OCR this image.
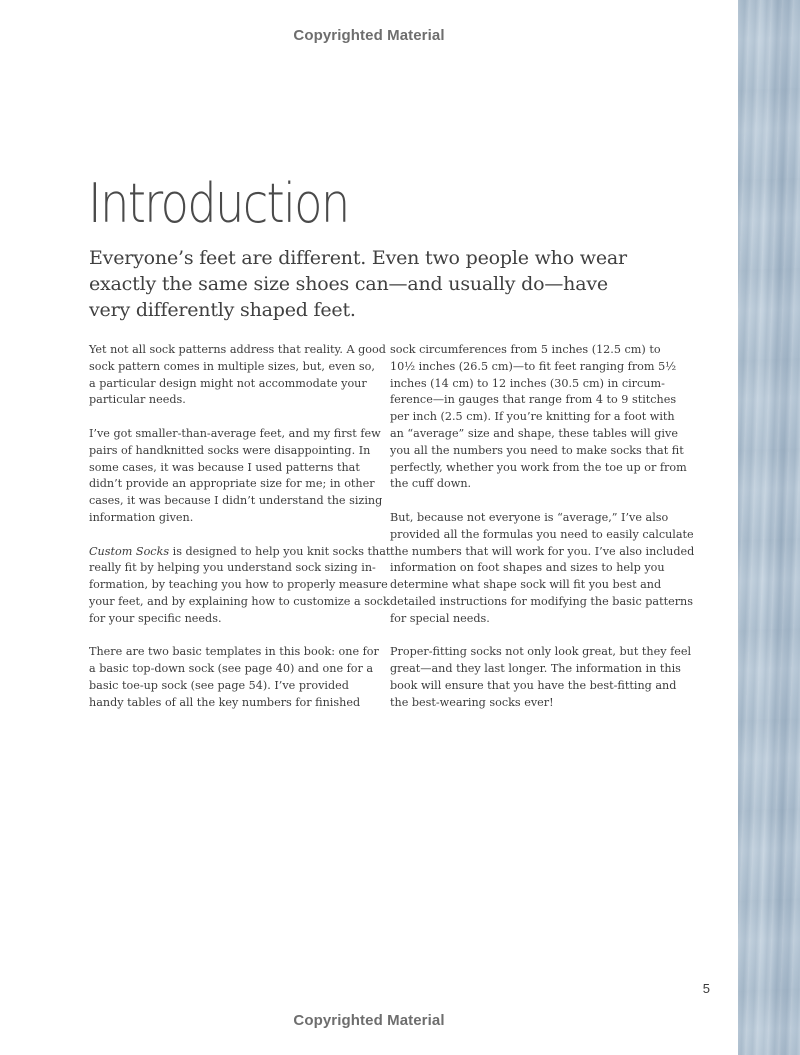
Copyrighted Material
Introduction
Everyone’s feet are different. Even two people who wear
exactly the same size shoes can—and usually do—have
very differently shaped feet.
Yet not all sock patterns address that reality. A good
sock pattern comes in multiple sizes, but, even so,
a particular design might not accommodate your
particular needs.
I’ve got smaller-than-average feet, and my first few
pairs of handknitted socks were disappointing. In
some cases, it was because I used patterns that
didn’t provide an appropriate size for me; in other
cases, it was because I didn’t understand the sizing
information given.
Custom Socks is designed to help you knit socks that
really fit by helping you understand sock sizing in-
formation, by teaching you how to properly measure
your feet, and by explaining how to customize a sock
for your specific needs.
There are two basic templates in this book: one for
a basic top-down sock (see page 40) and one for a
basic toe-up sock (see page 54). I’ve provided
handy tables of all the key numbers for finished
sock circumferences from 5 inches (12.5 cm) to
10½ inches (26.5 cm)—to fit feet ranging from 5½
inches (14 cm) to 12 inches (30.5 cm) in circum-
ference—in gauges that range from 4 to 9 stitches
per inch (2.5 cm). If you’re knitting for a foot with
an “average” size and shape, these tables will give
you all the numbers you need to make socks that fit
perfectly, whether you work from the toe up or from
the cuff down.
But, because not everyone is “average,” I’ve also
provided all the formulas you need to easily calculate
the numbers that will work for you. I’ve also included
information on foot shapes and sizes to help you
determine what shape sock will fit you best and
detailed instructions for modifying the basic patterns
for special needs.
Proper-fitting socks not only look great, but they feel
great—and they last longer. The information in this
book will ensure that you have the best-fitting and
the best-wearing socks ever!
5
Copyrighted Material
